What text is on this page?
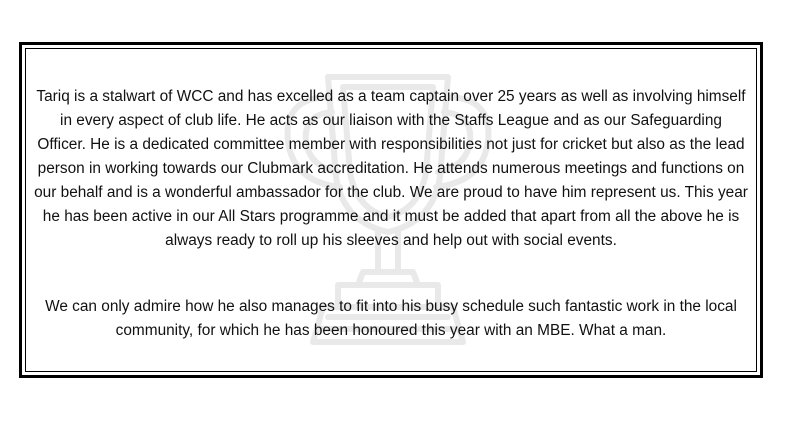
Tariq is a stalwart of WCC and has excelled as a team captain over 25 years as well as involving himself in every aspect of club life. He acts as our liaison with the Staffs League and as our Safeguarding Officer. He is a dedicated committee member with responsibilities not just for cricket but also as the lead person in working towards our Clubmark accreditation. He attends numerous meetings and functions on our behalf and is a wonderful ambassador for the club. We are proud to have him represent us. This year he has been active in our All Stars programme and it must be added that apart from all the above he is always ready to roll up his sleeves and help out with social events.

We can only admire how he also manages to fit into his busy schedule such fantastic work in the local community, for which he has been honoured this year with an MBE. What a man.
